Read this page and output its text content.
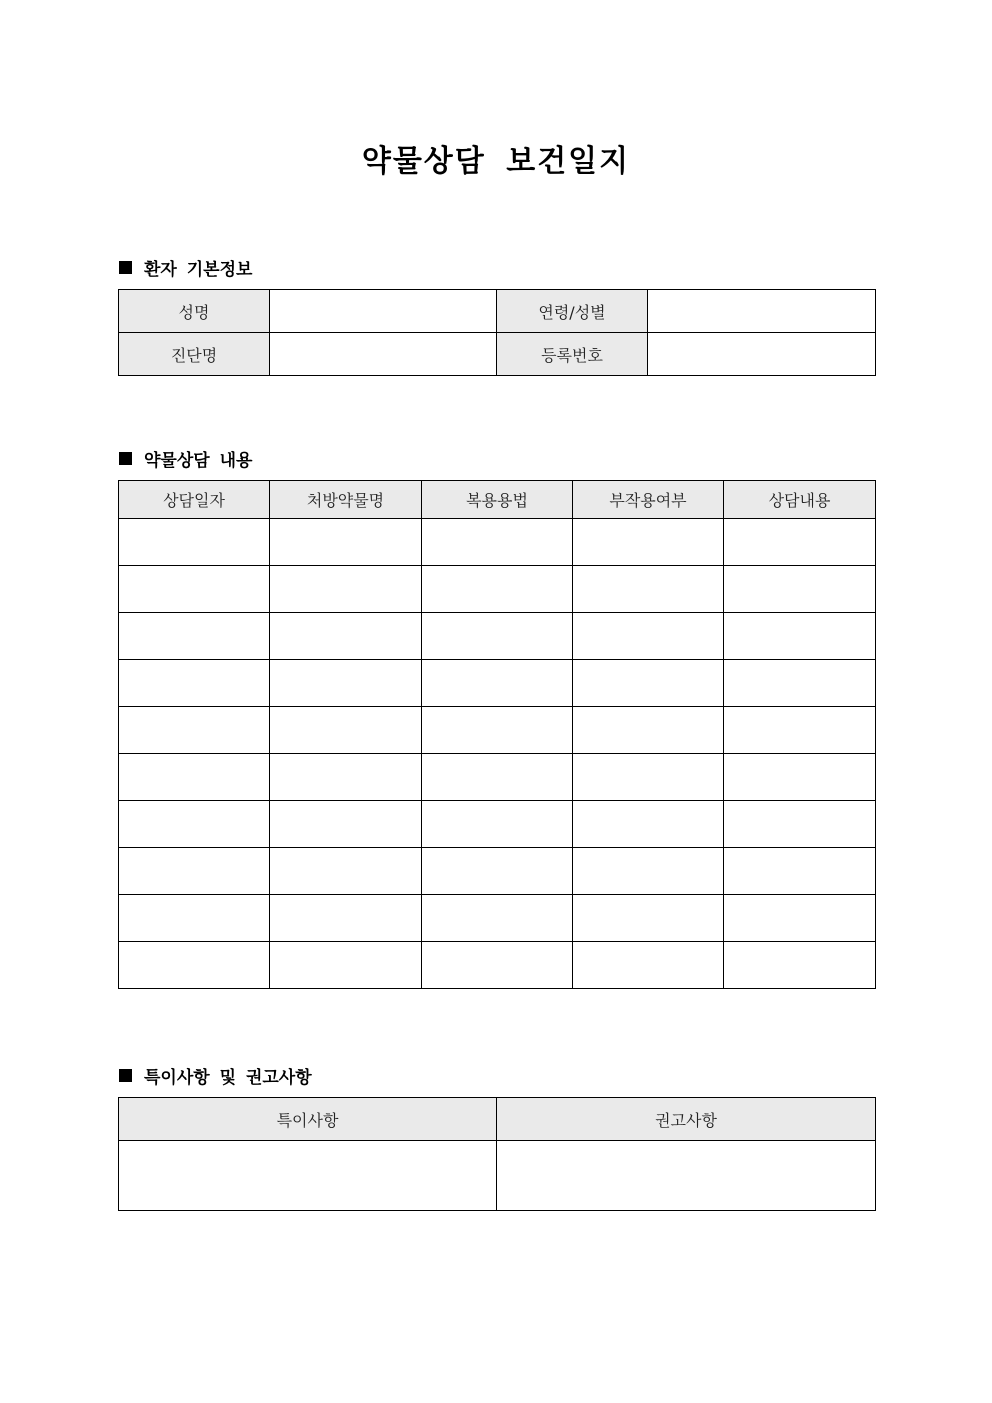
약물상담 보건일지
환자 기본정보
성명		연령/성별	
진단명		등록번호	
약물상담 내용
상담일자	처방약물명	복용용법	부작용여부	상담내용

특이사항 및 권고사항
특이사항	권고사항
